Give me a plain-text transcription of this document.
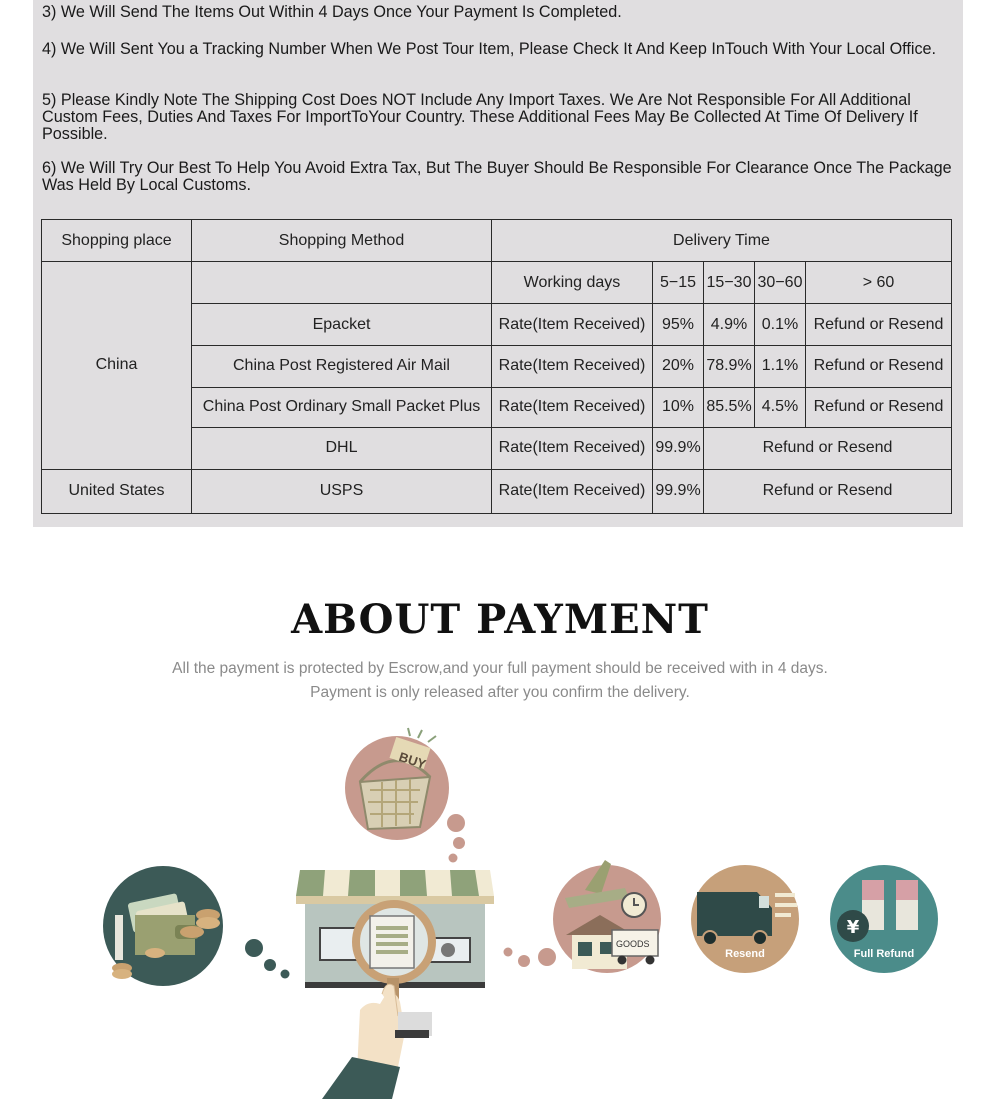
3) We Will Send The Items Out Within 4 Days Once Your Payment Is Completed.

4) We Will Sent You a Tracking Number When We Post Tour Item, Please Check It And Keep InTouch With Your Local Office.

5) Please Kindly Note The Shipping Cost Does NOT Include Any Import Taxes. We Are Not Responsible For All Additional Custom Fees, Duties And Taxes For ImportToYour Country. These Additional Fees May Be Collected At Time Of Delivery If Possible.

6) We Will Try Our Best To Help You Avoid Extra Tax, But The Buyer Should Be Responsible For Clearance Once The Package Was Held By Local Customs.

Shopping place	Shopping Method	Delivery Time				
China		Working days	5−15	15−30	30−60	> 60
	Epacket	Rate(Item Received)	95%	4.9%	0.1%	Refund or Resend
	China Post Registered Air Mail	Rate(Item Received)	20%	78.9%	1.1%	Refund or Resend
	China Post Ordinary Small Packet Plus	Rate(Item Received)	10%	85.5%	4.5%	Refund or Resend
	DHL	Rate(Item Received)	99.9%	Refund or Resend		
United States	USPS	Rate(Item Received)	99.9%	Refund or Resend		
ABOUT PAYMENT

All the payment is protected by Escrow,and your full payment should be received with in 4 days.

Payment is only released after you confirm the delivery.

BUY
GOODS
Resend
¥
Full Refund
